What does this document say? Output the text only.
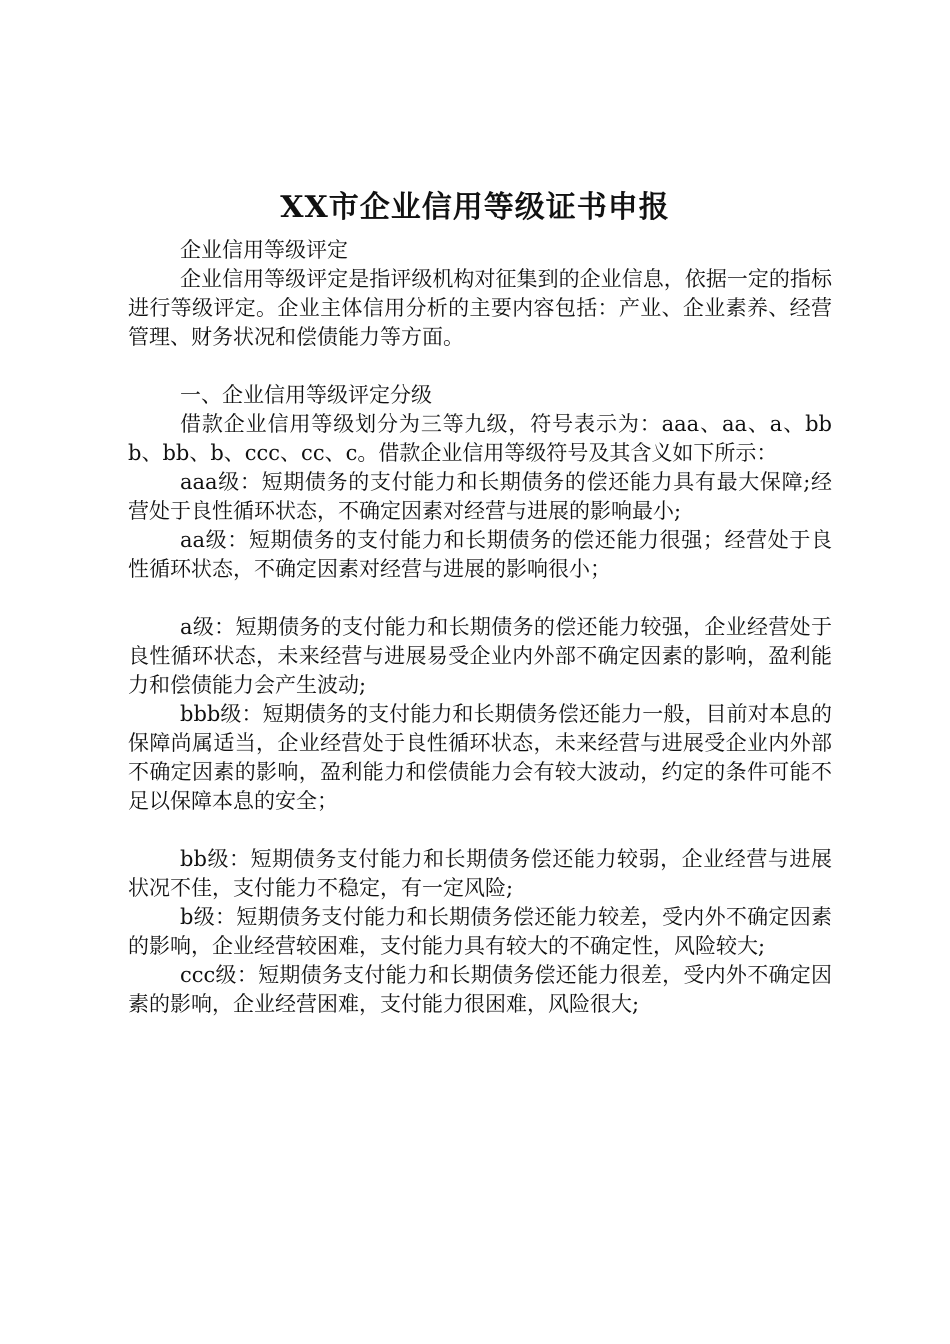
XX市企业信用等级证书申报

企业信用等级评定

企业信用等级评定是指评级机构对征集到的企业信息，依据一定的指标进行等级评定。企业主体信用分析的主要内容包括：产业、企业素养、经营管理、财务状况和偿债能力等方面。

一、企业信用等级评定分级

借款企业信用等级划分为三等九级，符号表示为：aaa、aa、a、bbb、bb、b、ccc、cc、c。借款企业信用等级符号及其含义如下所示：

aaa级：短期债务的支付能力和长期债务的偿还能力具有最大保障;经营处于良性循环状态，不确定因素对经营与进展的影响最小;

aa级：短期债务的支付能力和长期债务的偿还能力很强；经营处于良性循环状态，不确定因素对经营与进展的影响很小；

a级：短期债务的支付能力和长期债务的偿还能力较强，企业经营处于良性循环状态，未来经营与进展易受企业内外部不确定因素的影响，盈利能力和偿债能力会产生波动;

bbb级：短期债务的支付能力和长期债务偿还能力一般，目前对本息的保障尚属适当，企业经营处于良性循环状态，未来经营与进展受企业内外部不确定因素的影响，盈利能力和偿债能力会有较大波动，约定的条件可能不足以保障本息的安全；

bb级：短期债务支付能力和长期债务偿还能力较弱，企业经营与进展状况不佳，支付能力不稳定，有一定风险;

b级：短期债务支付能力和长期债务偿还能力较差，受内外不确定因素的影响，企业经营较困难，支付能力具有较大的不确定性，风险较大;

ccc级：短期债务支付能力和长期债务偿还能力很差，受内外不确定因素的影响，企业经营困难，支付能力很困难，风险很大;
